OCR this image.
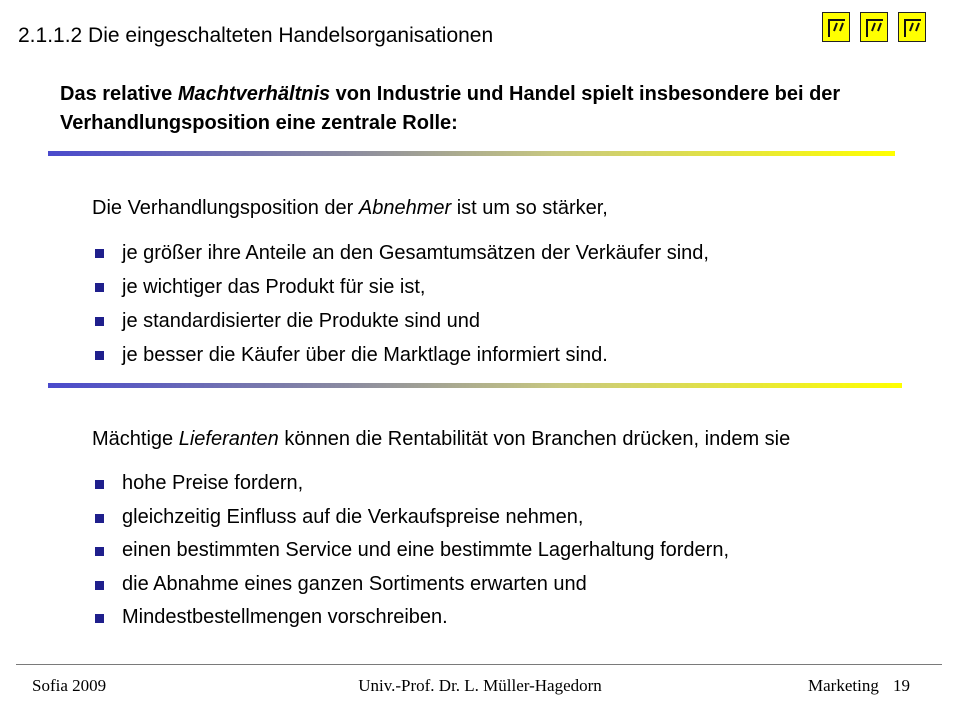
2.1.1.2 Die eingeschalteten Handelsorganisationen
Das relative Machtverhältnis von Industrie und Handel spielt insbesondere bei der Verhandlungsposition eine zentrale Rolle:
Die Verhandlungsposition der Abnehmer ist um so stärker,
je größer ihre Anteile an den Gesamtumsätzen der Verkäufer sind,
je wichtiger das Produkt für sie ist,
je standardisierter die Produkte sind und
je besser die Käufer über die Marktlage informiert sind.
Mächtige Lieferanten können die Rentabilität von Branchen drücken, indem sie
hohe Preise fordern,
gleichzeitig Einfluss auf die Verkaufspreise nehmen,
einen bestimmten Service und eine bestimmte Lagerhaltung fordern,
die Abnahme eines ganzen Sortiments erwarten und
Mindestbestellmengen vorschreiben.
Sofia 2009	Univ.-Prof. Dr. L. Müller-Hagedorn	Marketing 19
